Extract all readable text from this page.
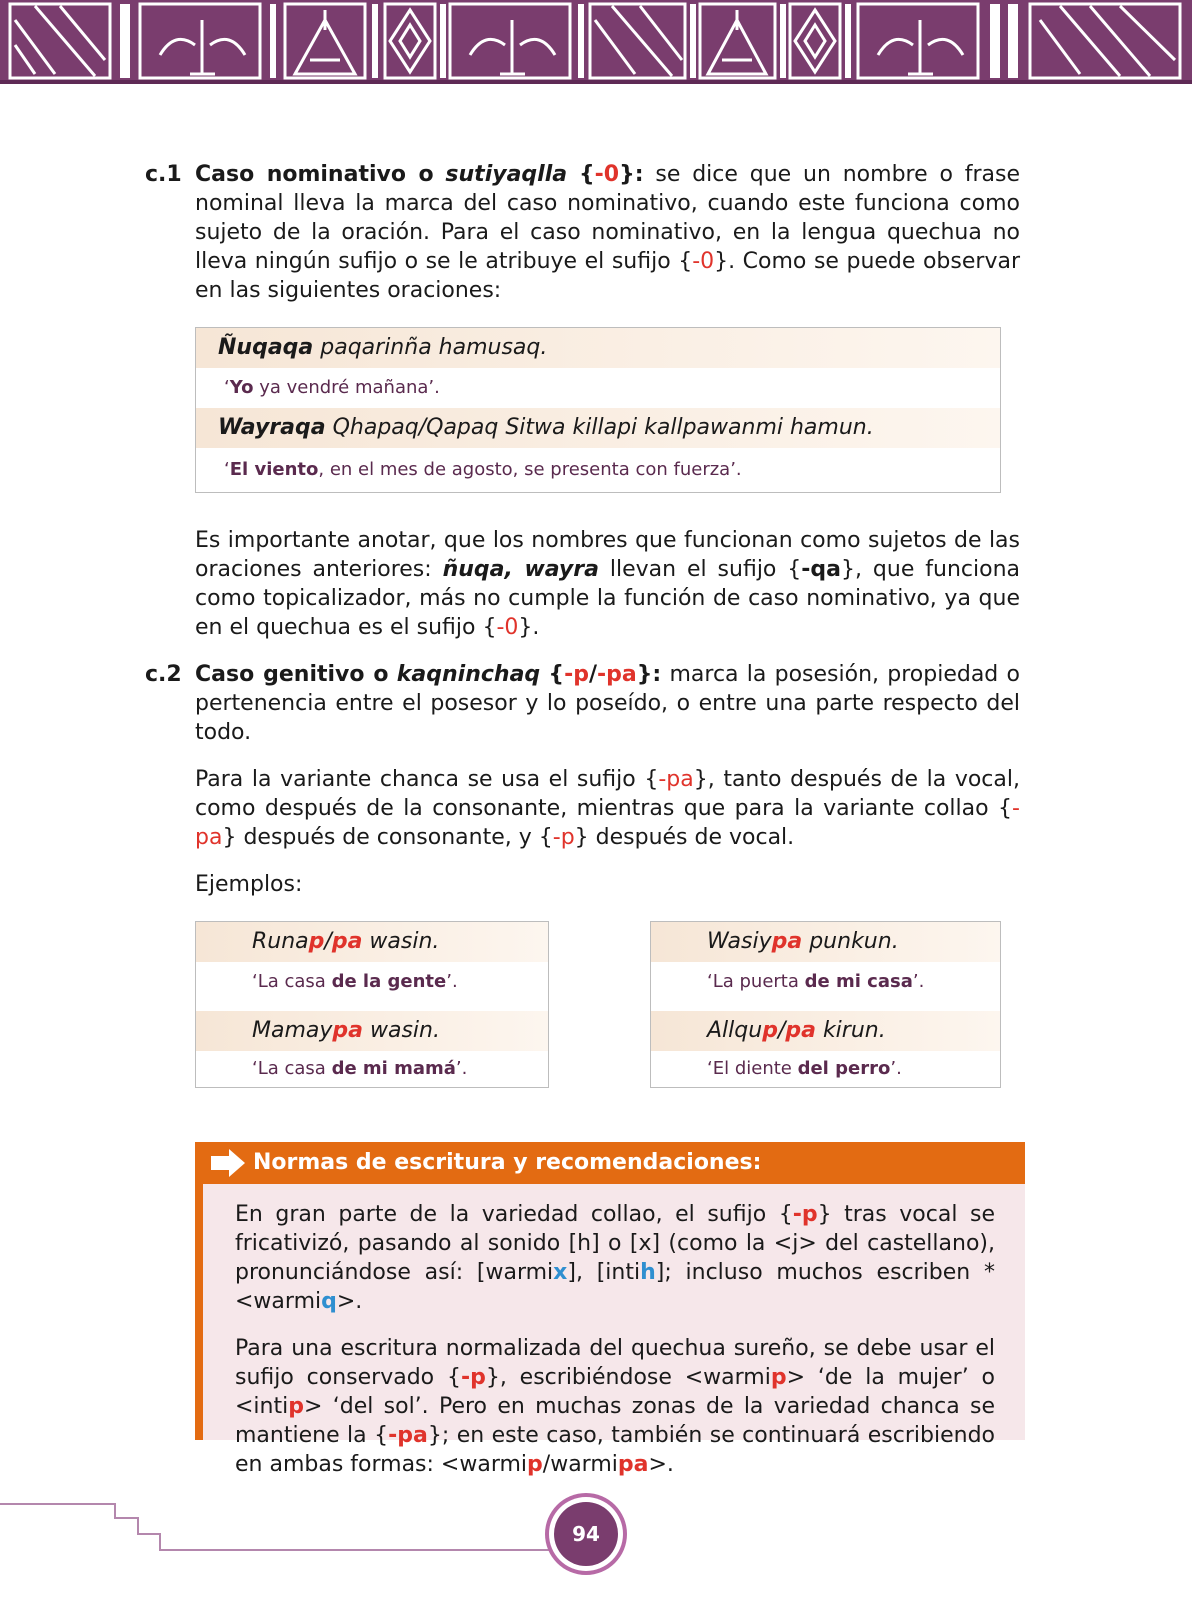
c.1 Caso nominativo o sutiyaqlla {-0}: se dice que un nombre o frase nominal lleva la marca del caso nominativo, cuando este funciona como sujeto de la oración. Para el caso nominativo, en la lengua quechua no lleva ningún sufijo o se le atribuye el sufijo {-0}. Como se puede observar en las siguientes oraciones:

Ñuqaqa paqarinña hamusaq.
‘Yo ya vendré mañana’.
Wayraqa Qhapaq/Qapaq Sitwa killapi kallpawanmi hamun.
‘El viento, en el mes de agosto, se presenta con fuerza’.

Es importante anotar, que los nombres que funcionan como sujetos de las oraciones anteriores: ñuqa, wayra llevan el sufijo {-qa}, que funciona como topicalizador, más no cumple la función de caso nominativo, ya que en el quechua es el sufijo {-0}.

c.2 Caso genitivo o kaqninchaq {-p/-pa}: marca la posesión, propiedad o pertenencia entre el posesor y lo poseído, o entre una parte respecto del todo.

Para la variante chanca se usa el sufijo {-pa}, tanto después de la vocal, como después de la consonante, mientras que para la variante collao {-pa} después de consonante, y {-p} después de vocal.

Ejemplos:

Runap/pa wasin.
‘La casa de la gente’.
Mamaypa wasin.
‘La casa de mi mamá’.
Wasiypa punkun.
‘La puerta de mi casa’.
Allqup/pa kirun.
‘El diente del perro’.
Normas de escritura y recomendaciones:

En gran parte de la variedad collao, el sufijo {-p} tras vocal se fricativizó, pasando al sonido [h] o [x] (como la <j> del castellano), pronunciándose así: [warmix], [intih]; incluso muchos escriben *<warmiq>.

Para una escritura normalizada del quechua sureño, se debe usar el sufijo conservado {-p}, escribiéndose <warmip> ‘de la mujer’ o <intip> ‘del sol’. Pero en muchas zonas de la variedad chanca se mantiene la {-pa}; en este caso, también se continuará escribiendo en ambas formas: <warmip/warmipa>.

94
